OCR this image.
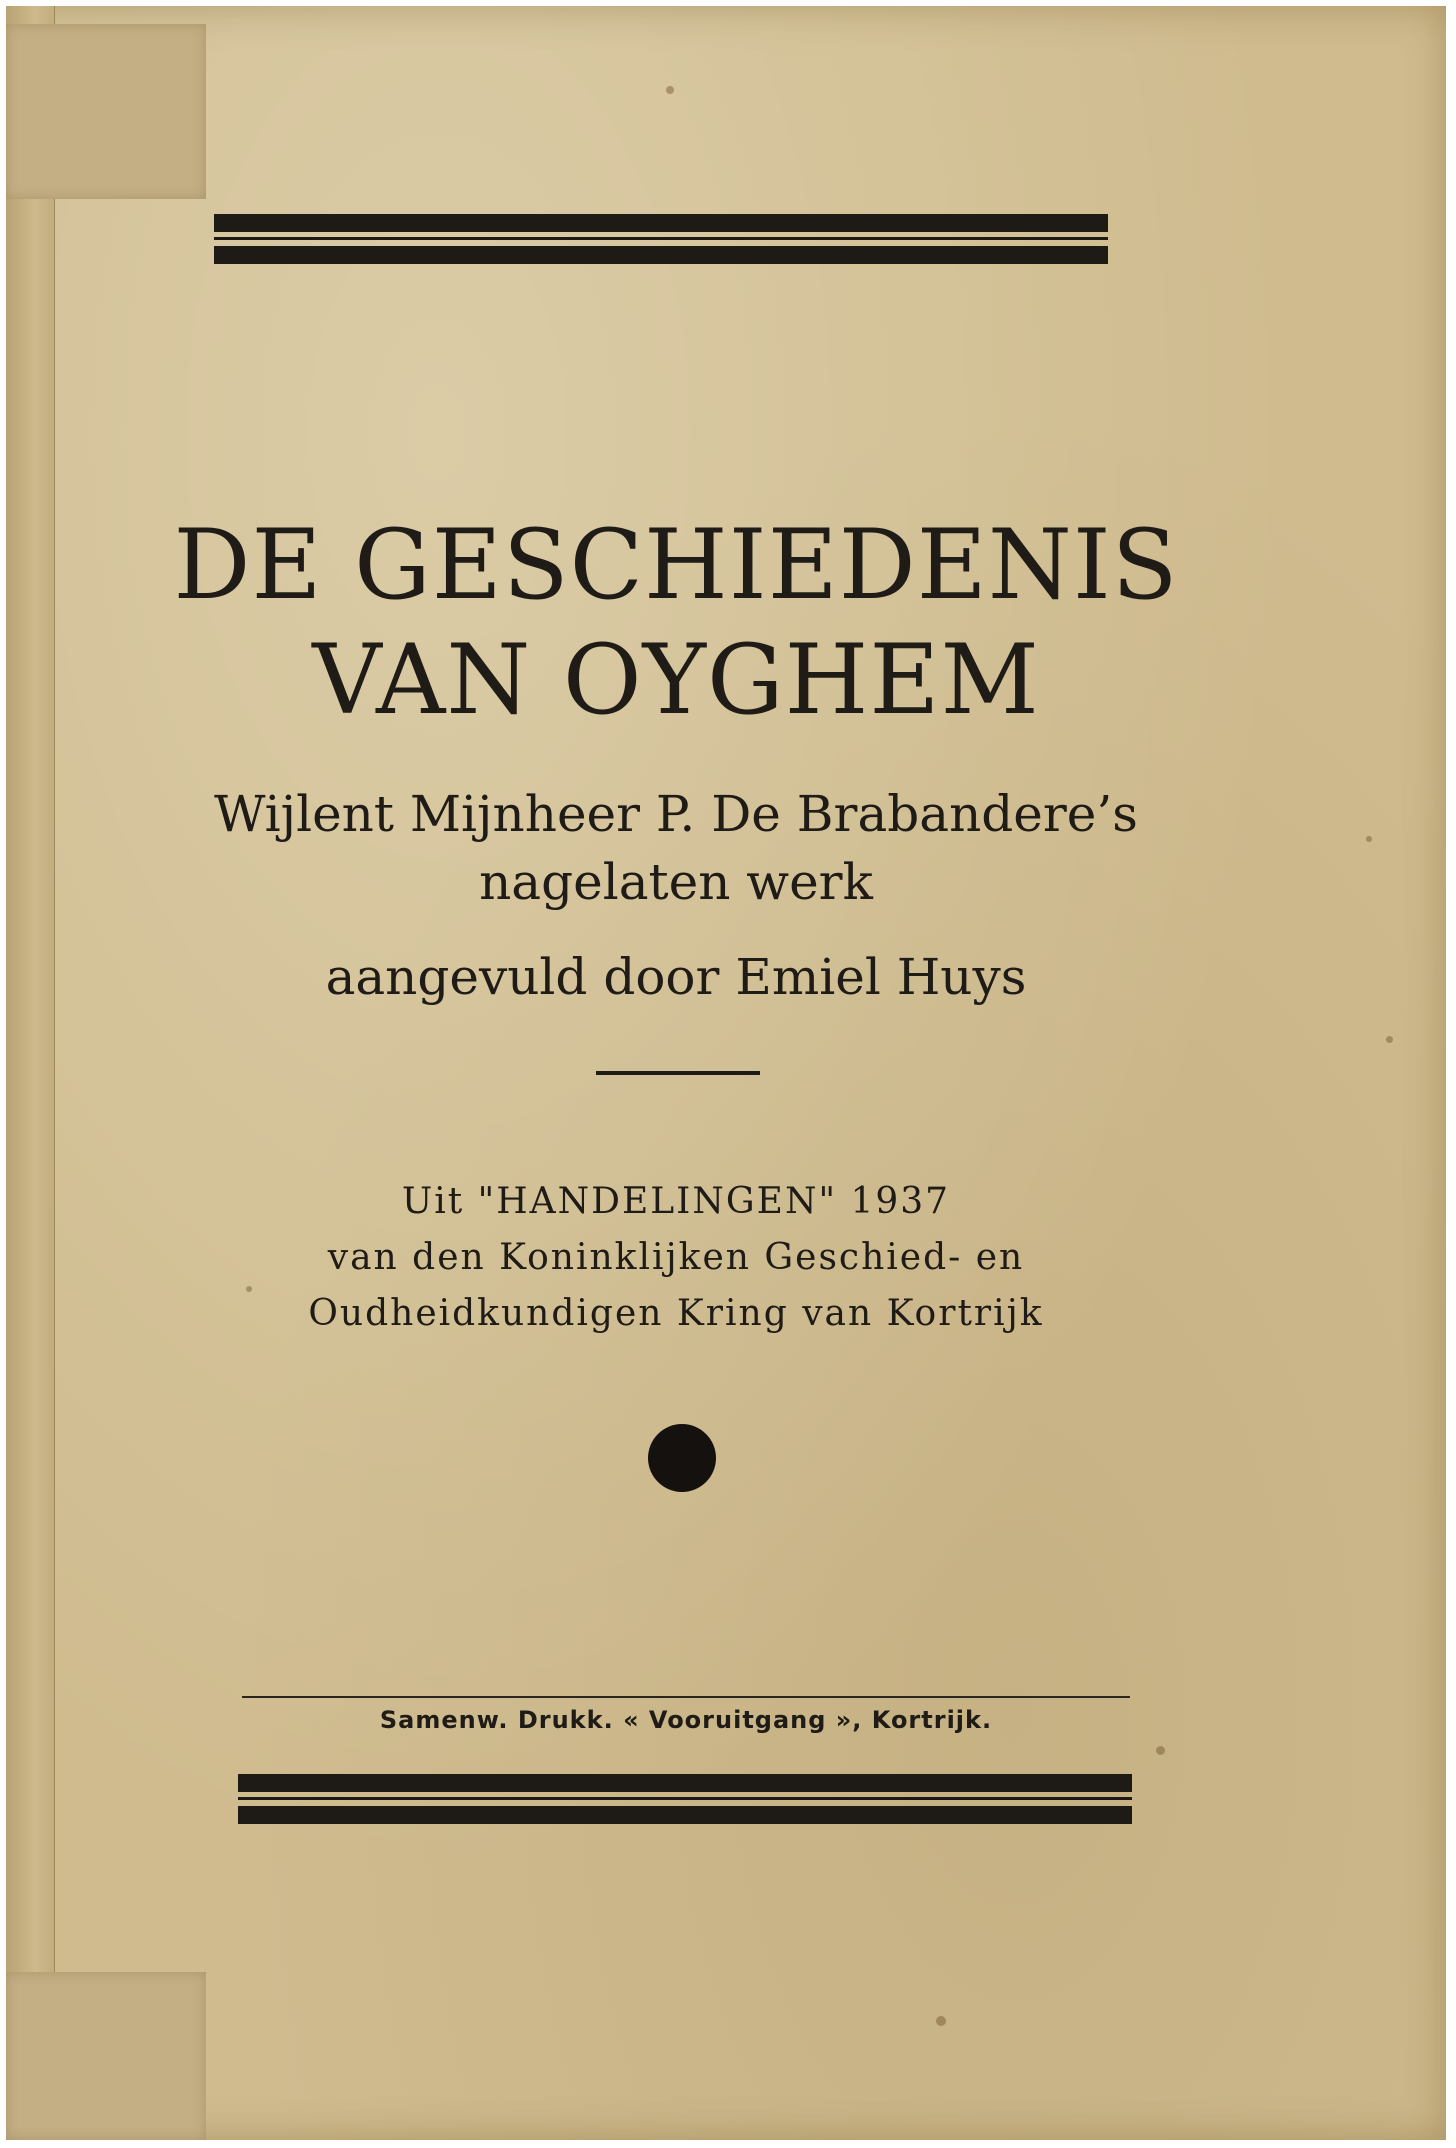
DE GESCHIEDENIS
VAN OYGHEM
Wijlent Mijnheer P. De Brabandere’s
nagelaten werk
aangevuld door Emiel Huys
Uit "HANDELINGEN" 1937
van den Koninklijken Geschied- en
Oudheidkundigen Kring van Kortrijk
Samenw. Drukk. « Vooruitgang », Kortrijk.
